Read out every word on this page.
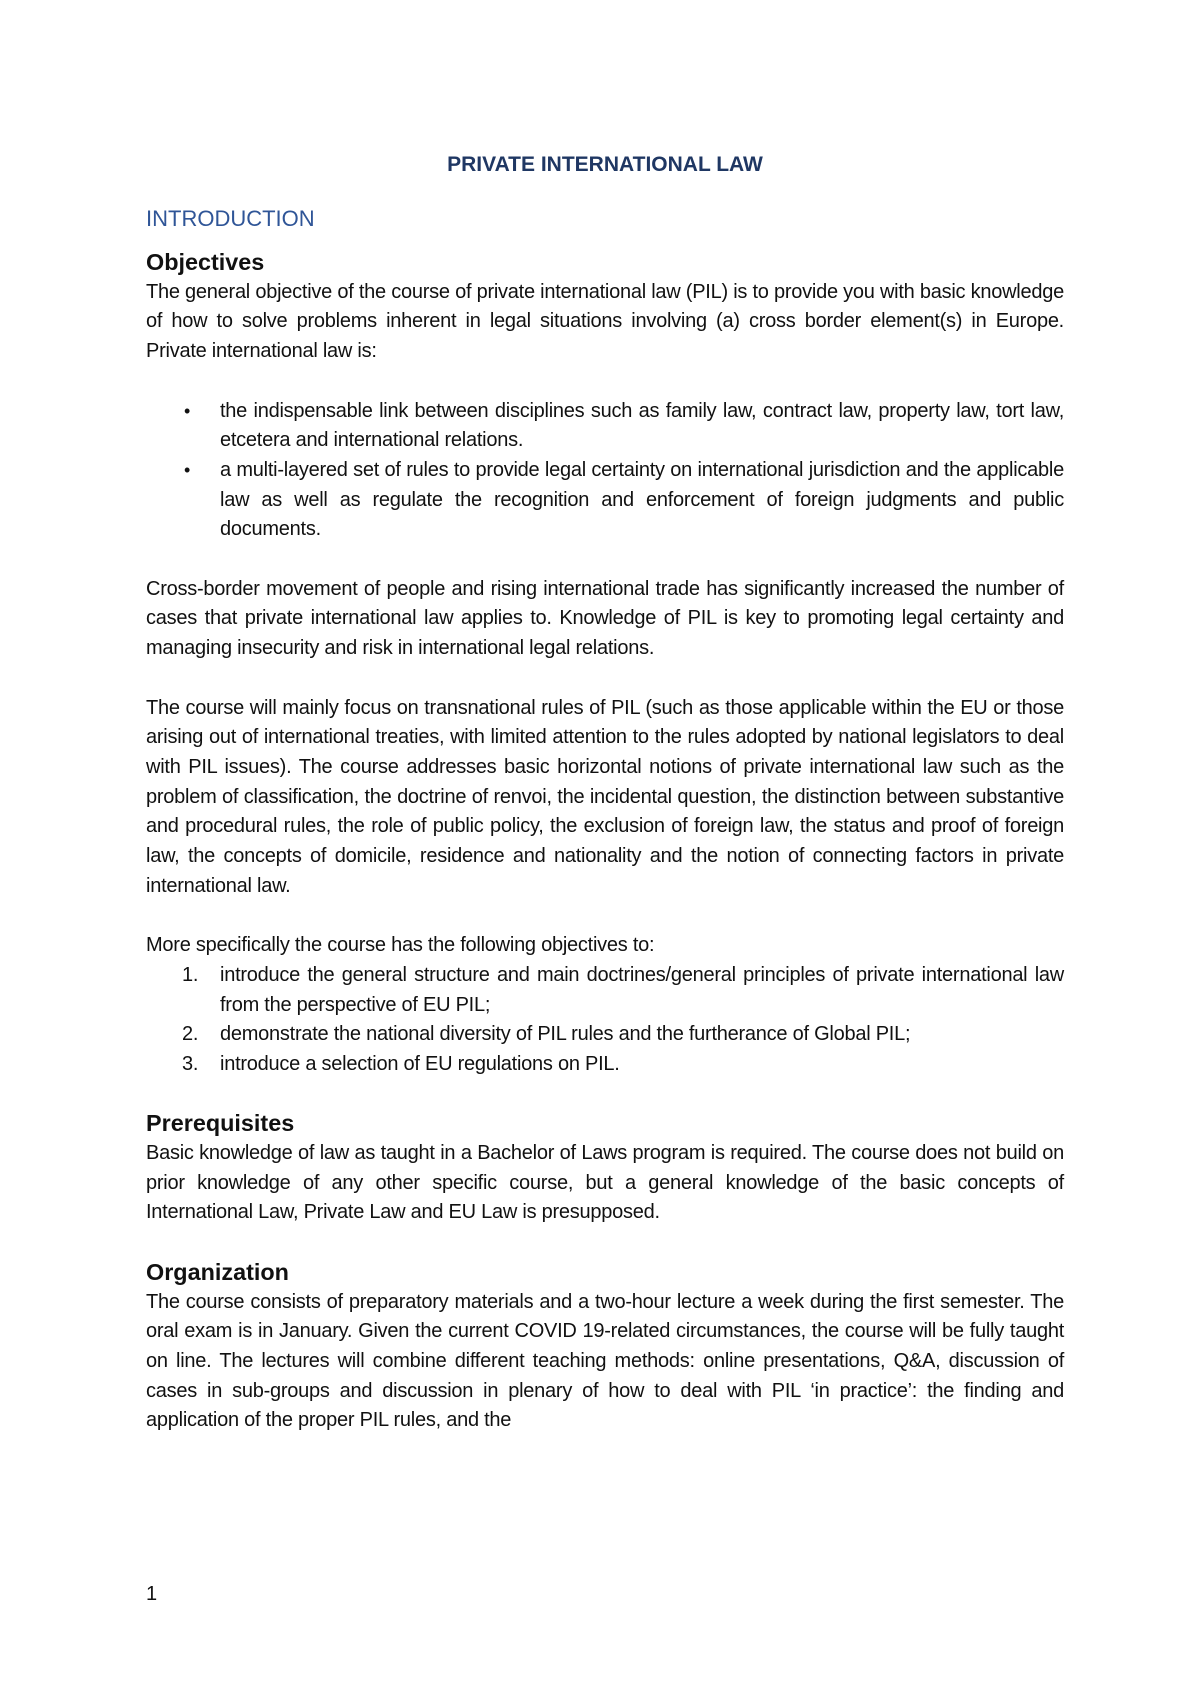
PRIVATE INTERNATIONAL LAW
INTRODUCTION
Objectives

The general objective of the course of private international law (PIL) is to provide you with basic knowledge of how to solve problems inherent in legal situations involving (a) cross border element(s) in Europe. Private international law is:

• the indispensable link between disciplines such as family law, contract law, property law, tort law, etcetera and international relations.
• a multi-layered set of rules to provide legal certainty on international jurisdiction and the applicable law as well as regulate the recognition and enforcement of foreign judgments and public documents.

Cross-border movement of people and rising international trade has significantly increased the number of cases that private international law applies to. Knowledge of PIL is key to promoting legal certainty and managing insecurity and risk in international legal relations.

The course will mainly focus on transnational rules of PIL (such as those applicable within the EU or those arising out of international treaties, with limited attention to the rules adopted by national legislators to deal with PIL issues). The course addresses basic horizontal notions of private international law such as the problem of classification, the doctrine of renvoi, the incidental question, the distinction between substantive and procedural rules, the role of public policy, the exclusion of foreign law, the status and proof of foreign law, the concepts of domicile, residence and nationality and the notion of connecting factors in private international law.

More specifically the course has the following objectives to:

1. introduce the general structure and main doctrines/general principles of private international law from the perspective of EU PIL;
2. demonstrate the national diversity of PIL rules and the furtherance of Global PIL;
3. introduce a selection of EU regulations on PIL.
Prerequisites

Basic knowledge of law as taught in a Bachelor of Laws program is required. The course does not build on prior knowledge of any other specific course, but a general knowledge of the basic concepts of International Law, Private Law and EU Law is presupposed.

Organization

The course consists of preparatory materials and a two-hour lecture a week during the first semester. The oral exam is in January. Given the current COVID 19-related circumstances, the course will be fully taught on line. The lectures will combine different teaching methods: online presentations, Q&A, discussion of cases in sub-groups and discussion in plenary of how to deal with PIL ‘in practice’: the finding and application of the proper PIL rules, and the

1
